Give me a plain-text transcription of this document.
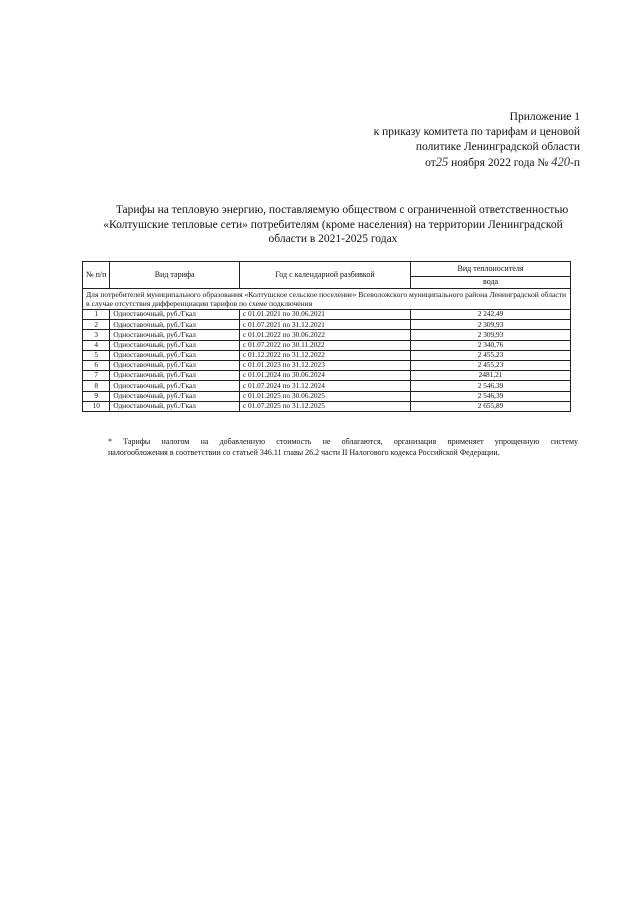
Приложение 1
к приказу комитета по тарифам и ценовой
политике Ленинградской области
от25 ноября 2022 года № 420-п
Тарифы на тепловую энергию, поставляемую обществом с ограниченной ответственностью
«Колтушские тепловые сети» потребителям (кроме населения) на территории Ленинградской
области в 2021-2025 годах
№ п/п	Вид тарифа	Год с календарной разбивкой	Вид теплоносителя
			вода
Для потребителей муниципального образования «Колтушское сельское поселение» Всеволожского муниципального района Ленинградской области в случае отсутствия дифференциации тарифов по схеме подключения			
1	Одноставочный, руб./Гкал	с 01.01.2021 по 30.06.2021	2 242,49
2	Одноставочный, руб./Гкал	с 01.07.2021 по 31.12.2021	2 309,93
3	Одноставочный, руб./Гкал	с 01.01.2022 по 30.06.2022	2 309,93
4	Одноставочный, руб./Гкал	с 01.07.2022 по 30.11.2022	2 340,76
5	Одноставочный, руб./Гкал	с 01.12.2022 по 31.12.2022	2 455,23
6	Одноставочный, руб./Гкал	с 01.01.2023 по 31.12.2023	2 455,23
7	Одноставочный, руб./Гкал	с 01.01.2024 по 30.06.2024	2481,21
8	Одноставочный, руб./Гкал	с 01.07.2024 по 31.12.2024	2 546,39
9	Одноставочный, руб./Гкал	с 01.01.2025 по 30.06.2025	2 546,39
10	Одноставочный, руб./Гкал	с 01.07.2025 по 31.12.2025	2 655,89
* Тарифы налогом на добавленную стоимость не облагаются, организация применяет упрощенную систему
налогообложения в соответствии со статьей 346.11 главы 26.2 части II Налогового кодекса Российской Федерации.
